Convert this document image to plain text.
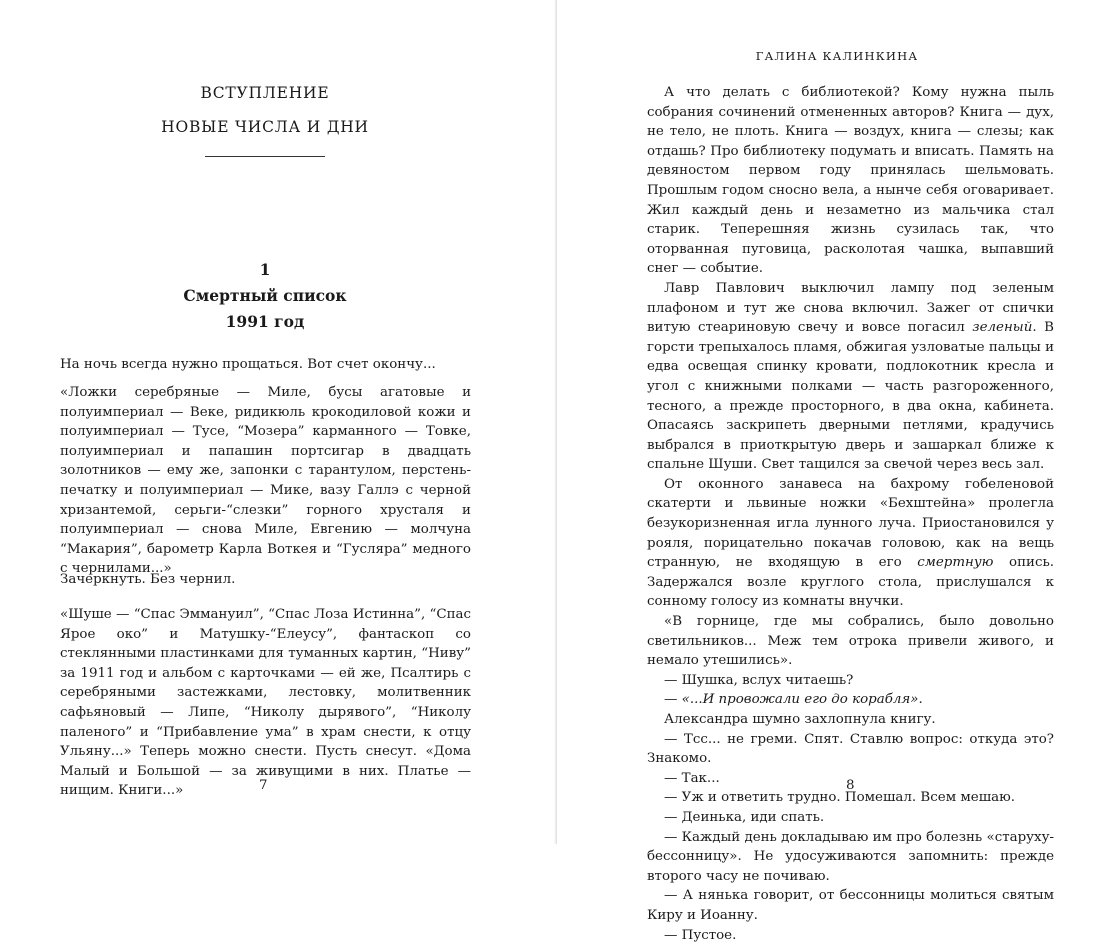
ВСТУПЛЕНИЕ
НОВЫЕ ЧИСЛА И ДНИ
1
Смертный список
1991 год
На ночь всегда нужно прощаться. Вот счет окончу...
«Ложки серебряные — Миле, бусы агатовые и полуимпериал — Веке, ридикюль крокодиловой кожи и полуимпериал — Тусе, “Мозера” карманного — Товке, полуимпериал и папашин портсигар в двадцать золотников — ему же, запонки с тарантулом, перстень-печатку и полуимпериал — Мике, вазу Галлэ с черной хризантемой, серьги-“слезки” горного хрусталя и полуимпериал — снова Миле, Евгению — молчуна “Макария”, барометр Карла Воткея и “Гусляра” медного с чернилами...»
Зачеркнуть. Без чернил.
«Шуше — “Спас Эммануил”, “Спас Лоза Истинна”, “Спас Ярое око” и Матушку-“Елеусу”, фантаскоп со стеклянными пластинками для туманных картин, “Ниву” за 1911 год и альбом с карточками — ей же, Псалтирь с серебряными застежками, лестовку, молитвенник сафьяновый — Липе, “Николу дырявого”, “Николу паленого” и “Прибавление ума” в храм снести, к отцу Ульяну...» Теперь можно снести. Пусть снесут. «Дома Малый и Большой — за живущими в них. Платье — нищим. Книги...»	7
ГАЛИНА КАЛИНКИНА

А что делать с библиотекой? Кому нужна пыль собрания сочинений отмененных авторов? Книга — дух, не тело, не плоть. Книга — воздух, книга — слезы; как отдашь? Про библиотеку подумать и вписать. Память на девяностом первом году принялась шельмовать. Прошлым годом сносно вела, а нынче себя оговаривает. Жил каждый день и незаметно из мальчика стал старик. Теперешняя жизнь сузилась так, что оторванная пуговица, расколотая чашка, выпавший снег — событие.

Лавр Павлович выключил лампу под зеленым плафоном и тут же снова включил. Зажег от спички витую стеариновую свечу и вовсе погасил зеленый. В горсти трепыхалось пламя, обжигая узловатые пальцы и едва освещая спинку кровати, подлокотник кресла и угол с книжными полками — часть разгороженного, тесного, а прежде просторного, в два окна, кабинета. Опасаясь заскрипеть дверными петлями, крадучись выбрался в приоткрытую дверь и зашаркал ближе к спальне Шуши. Свет тащился за свечой через весь зал.

От оконного занавеса на бахрому гобеленовой скатерти и львиные ножки «Бехштейна» пролегла безукоризненная игла лунного луча. Приостановился у рояля, порицательно покачав головою, как на вещь странную, не входящую в его смертную опись. Задержался возле круглого стола, прислушался к сонному голосу из комнаты внучки.

«В горнице, где мы собрались, было довольно светильников... Меж тем отрока привели живого, и немало утешились».

— Шушка, вслух читаешь?

— «...И провожали его до корабля».

Александра шумно захлопнула книгу.

— Тсс... не греми. Спят. Ставлю вопрос: откуда это? Знакомо.

— Так...

— Уж и ответить трудно. Помешал. Всем мешаю.

— Деинька, иди спать.

— Каждый день докладываю им про болезнь «старуху-бессонницу». Не удосуживаются запомнить: прежде второго часу не почиваю.

— А нянька говорит, от бессонницы молиться святым Киру и Иоанну.

— Пустое.

8
